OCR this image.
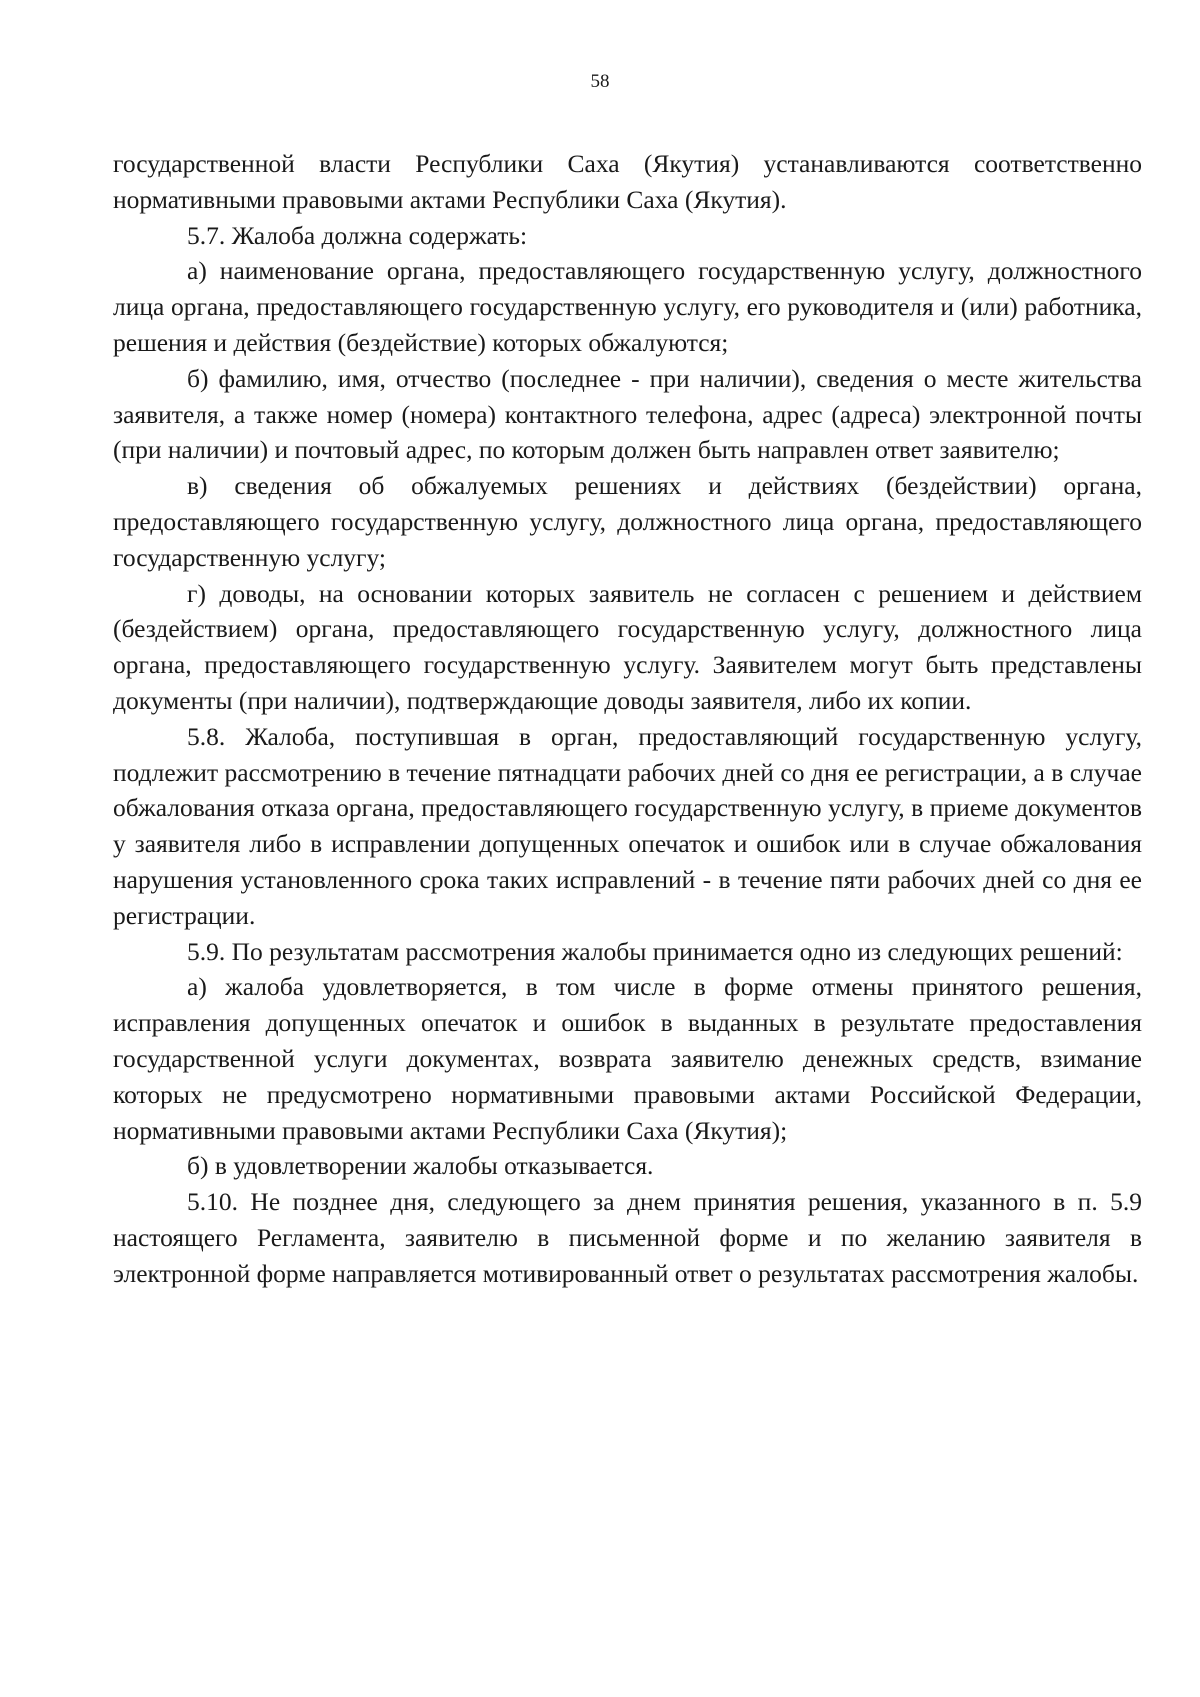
58

государственной власти Республики Саха (Якутия) устанавливаются соответственно нормативными правовыми актами Республики Саха (Якутия).

5.7. Жалоба должна содержать:

а) наименование органа, предоставляющего государственную услугу, должностного лица органа, предоставляющего государственную услугу, его руководителя и (или) работника, решения и действия (бездействие) которых обжалуются;

б) фамилию, имя, отчество (последнее - при наличии), сведения о месте жительства заявителя, а также номер (номера) контактного телефона, адрес (адреса) электронной почты (при наличии) и почтовый адрес, по которым должен быть направлен ответ заявителю;

в) сведения об обжалуемых решениях и действиях (бездействии) органа, предоставляющего государственную услугу, должностного лица органа, предоставляющего государственную услугу;

г) доводы, на основании которых заявитель не согласен с решением и действием (бездействием) органа, предоставляющего государственную услугу, должностного лица органа, предоставляющего государственную услугу. Заявителем могут быть представлены документы (при наличии), подтверждающие доводы заявителя, либо их копии.

5.8. Жалоба, поступившая в орган, предоставляющий государственную услугу, подлежит рассмотрению в течение пятнадцати рабочих дней со дня ее регистрации, а в случае обжалования отказа органа, предоставляющего государственную услугу, в приеме документов у заявителя либо в исправлении допущенных опечаток и ошибок или в случае обжалования нарушения установленного срока таких исправлений - в течение пяти рабочих дней со дня ее регистрации.

5.9. По результатам рассмотрения жалобы принимается одно из следующих решений:

а) жалоба удовлетворяется, в том числе в форме отмены принятого решения, исправления допущенных опечаток и ошибок в выданных в результате предоставления государственной услуги документах, возврата заявителю денежных средств, взимание которых не предусмотрено нормативными правовыми актами Российской Федерации, нормативными правовыми актами Республики Саха (Якутия);

б) в удовлетворении жалобы отказывается.

5.10. Не позднее дня, следующего за днем принятия решения, указанного в п. 5.9 настоящего Регламента, заявителю в письменной форме и по желанию заявителя в электронной форме направляется мотивированный ответ о результатах рассмотрения жалобы.
